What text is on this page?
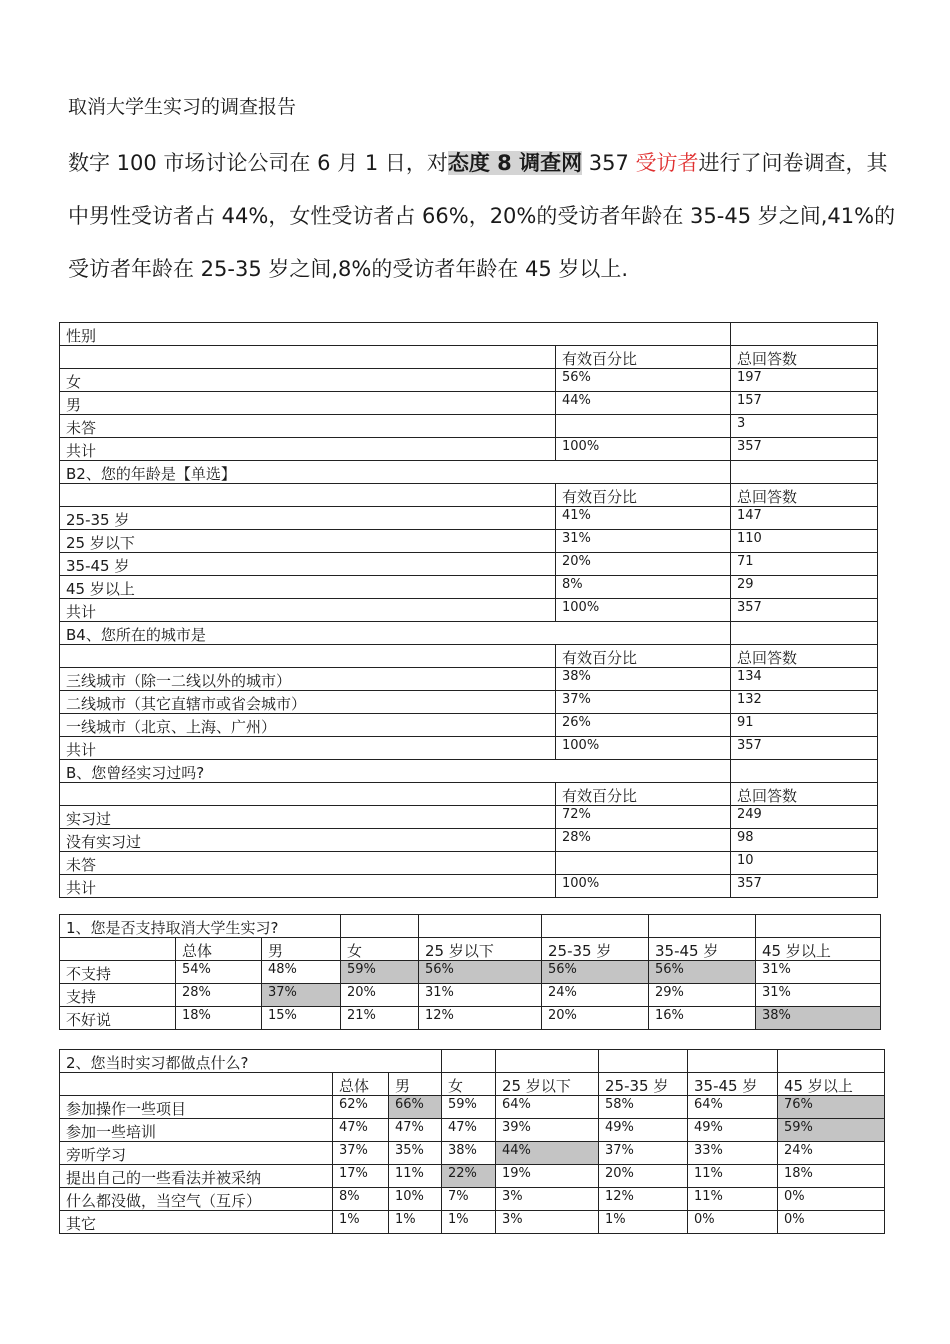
取消大学生实习的调查报告
数字 100 市场讨论公司在 6 月 1 日，对态度 8 调查网 357 受访者进行了问卷调查，其中男性受访者占 44%，女性受访者占 66%，20%的受访者年龄在 35-45 岁之间,41%的受访者年龄在 25-35 岁之间,8%的受访者年龄在 45 岁以上.
性别		
	有效百分比	总回答数
女	56%	197
男	44%	157
未答		3
共计	100%	357
B2、您的年龄是【单选】		
	有效百分比	总回答数
25-35 岁	41%	147
25 岁以下	31%	110
35-45 岁	20%	71
45 岁以上	8%	29
共计	100%	357
B4、您所在的城市是		
	有效百分比	总回答数
三线城市（除一二线以外的城市）	38%	134
二线城市（其它直辖市或省会城市）	37%	132
一线城市（北京、上海、广州）	26%	91
共计	100%	357
B、您曾经实习过吗?		
	有效百分比	总回答数
实习过	72%	249
没有实习过	28%	98
未答		10
共计	100%	357
1、您是否支持取消大学生实习?							
	总体	男	女	25 岁以下	25-35 岁	35-45 岁	45 岁以上
不支持	54%	48%	59%	56%	56%	56%	31%
支持	28%	37%	20%	31%	24%	29%	31%
不好说	18%	15%	21%	12%	20%	16%	38%
2、您当时实习都做点什么?							
	总体	男	女	25 岁以下	25-35 岁	35-45 岁	45 岁以上
参加操作一些项目	62%	66%	59%	64%	58%	64%	76%
参加一些培训	47%	47%	47%	39%	49%	49%	59%
旁听学习	37%	35%	38%	44%	37%	33%	24%
提出自己的一些看法并被采纳	17%	11%	22%	19%	20%	11%	18%
什么都没做，当空气（互斥）	8%	10%	7%	3%	12%	11%	0%
其它	1%	1%	1%	3%	1%	0%	0%
